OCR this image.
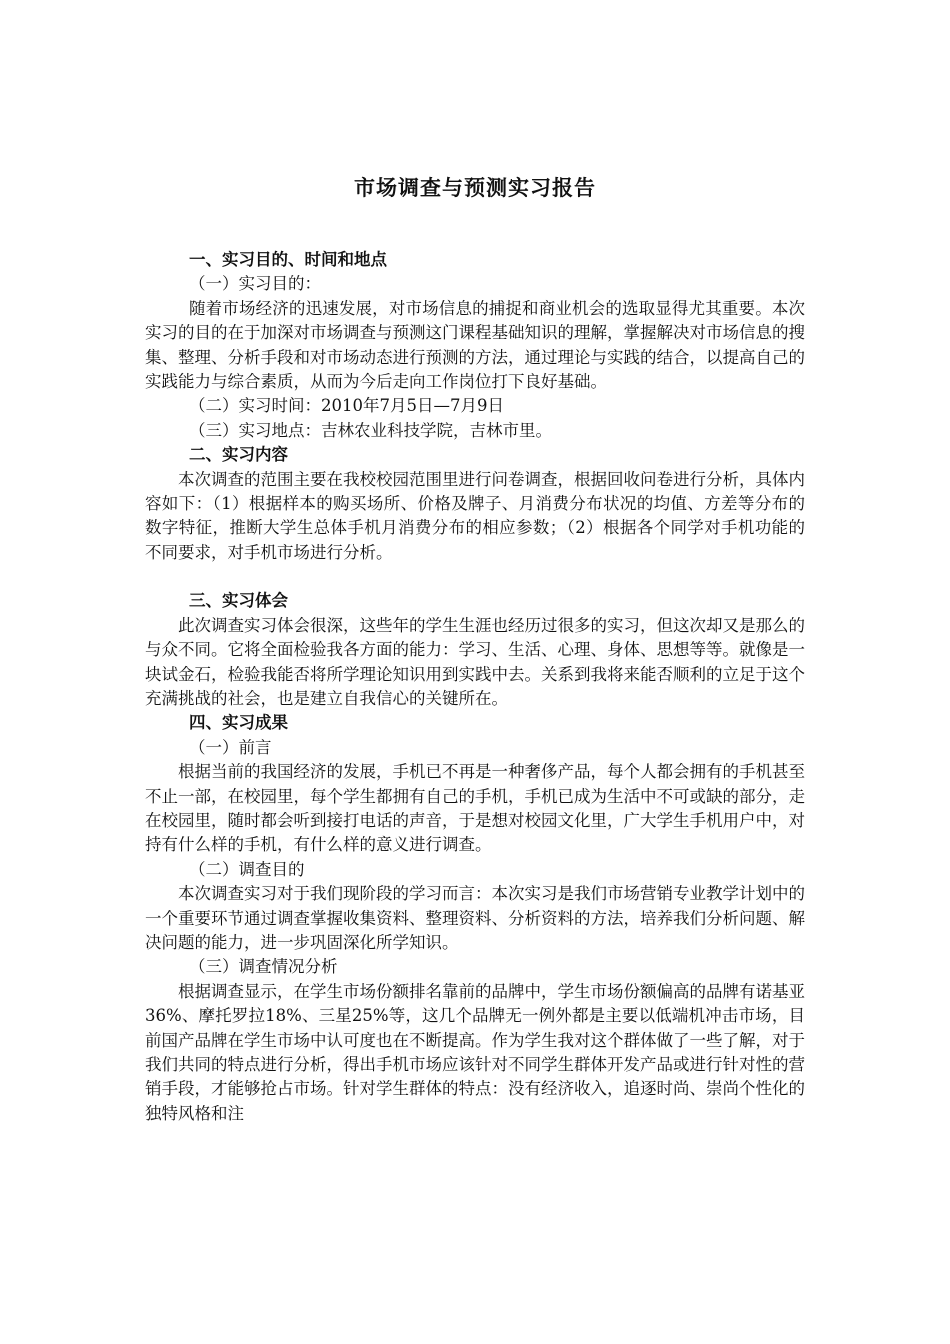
市场调查与预测实习报告

一、实习目的、时间和地点

（一）实习目的：

随着市场经济的迅速发展，对市场信息的捕捉和商业机会的选取显得尤其重要。本次实习的目的在于加深对市场调查与预测这门课程基础知识的理解，掌握解决对市场信息的搜集、整理、分析手段和对市场动态进行预测的方法，通过理论与实践的结合，以提高自己的实践能力与综合素质，从而为今后走向工作岗位打下良好基础。

（二）实习时间：2010年7月5日—7月9日

（三）实习地点：吉林农业科技学院，吉林市里。

二、实习内容

本次调查的范围主要在我校校园范围里进行问卷调查，根据回收问卷进行分析，具体内容如下：（1）根据样本的购买场所、价格及牌子、月消费分布状况的均值、方差等分布的数字特征，推断大学生总体手机月消费分布的相应参数；（2）根据各个同学对手机功能的不同要求，对手机市场进行分析。

三、实习体会

此次调查实习体会很深，这些年的学生生涯也经历过很多的实习，但这次却又是那么的与众不同。它将全面检验我各方面的能力：学习、生活、心理、身体、思想等等。就像是一块试金石，检验我能否将所学理论知识用到实践中去。关系到我将来能否顺利的立足于这个充满挑战的社会，也是建立自我信心的关键所在。

四、实习成果

（一）前言

根据当前的我国经济的发展，手机已不再是一种奢侈产品，每个人都会拥有的手机甚至不止一部，在校园里，每个学生都拥有自己的手机，手机已成为生活中不可或缺的部分，走在校园里，随时都会听到接打电话的声音，于是想对校园文化里，广大学生手机用户中，对持有什么样的手机，有什么样的意义进行调查。

（二）调查目的

本次调查实习对于我们现阶段的学习而言：本次实习是我们市场营销专业教学计划中的一个重要环节通过调查掌握收集资料、整理资料、分析资料的方法，培养我们分析问题、解决问题的能力，进一步巩固深化所学知识。

（三）调查情况分析

根据调查显示，在学生市场份额排名靠前的品牌中，学生市场份额偏高的品牌有诺基亚36%、摩托罗拉18%、三星25%等，这几个品牌无一例外都是主要以低端机冲击市场，目前国产品牌在学生市场中认可度也在不断提高。作为学生我对这个群体做了一些了解，对于我们共同的特点进行分析，得出手机市场应该针对不同学生群体开发产品或进行针对性的营销手段，才能够抢占市场。针对学生群体的特点：没有经济收入，追逐时尚、崇尚个性化的独特风格和注
